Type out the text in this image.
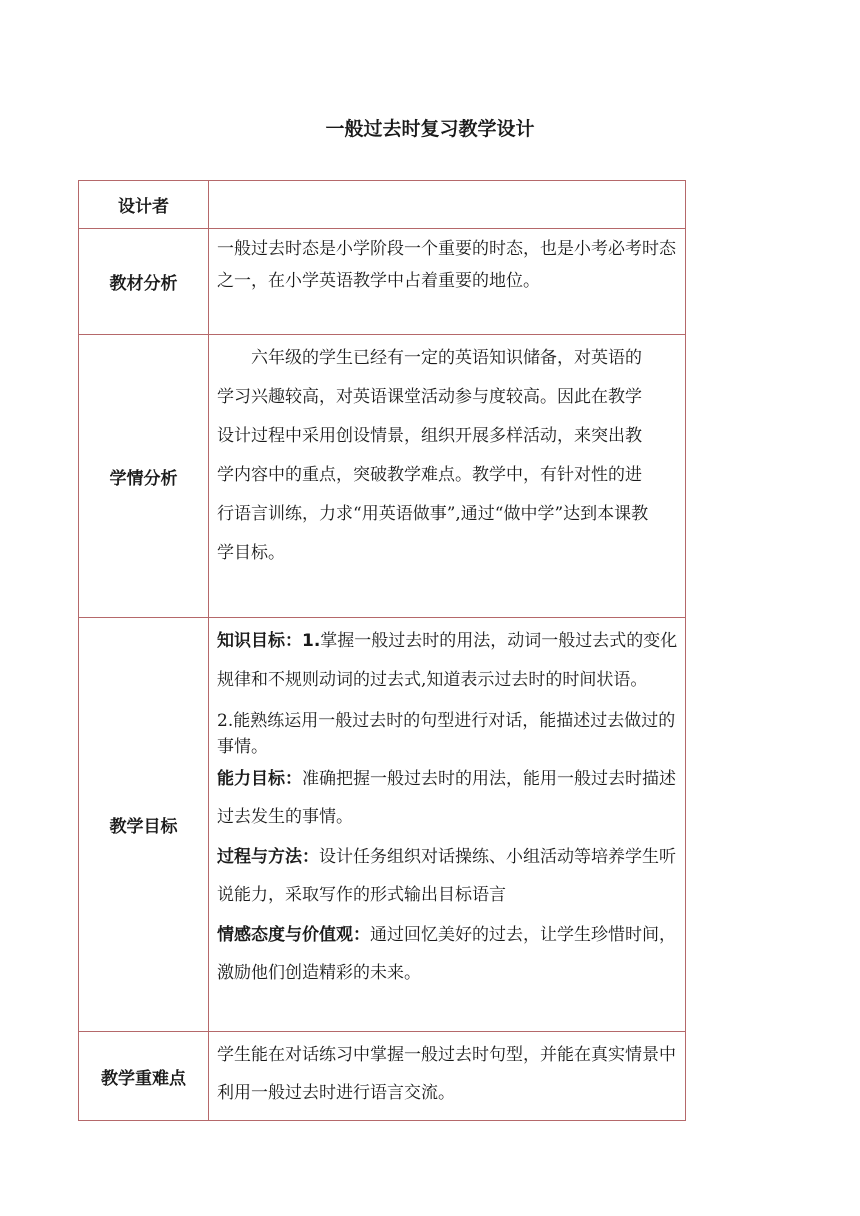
一般过去时复习教学设计
设计者	
教材分析	一般过去时态是小学阶段一个重要的时态，也是小考必考时态之一，在小学英语教学中占着重要的地位。
学情分析	六年级的学生已经有一定的英语知识储备，对英语的学习兴趣较高，对英语课堂活动参与度较高。因此在教学设计过程中采用创设情景，组织开展多样活动，来突出教学内容中的重点，突破教学难点。教学中，有针对性的进行语言训练，力求“用英语做事”,通过“做中学”达到本课教学目标。

教学目标	知识目标：1.掌握一般过去时的用法，动词一般过去式的变化规律和不规则动词的过去式,知道表示过去时的时间状语。

2.能熟练运用一般过去时的句型进行对话，能描述过去做过的事情。

能力目标：准确把握一般过去时的用法，能用一般过去时描述过去发生的事情。

过程与方法：设计任务组织对话操练、小组活动等培养学生听说能力，采取写作的形式输出目标语言

情感态度与价值观：通过回忆美好的过去，让学生珍惜时间，激励他们创造精彩的未来。

教学重难点	学生能在对话练习中掌握一般过去时句型，并能在真实情景中利用一般过去时进行语言交流。
